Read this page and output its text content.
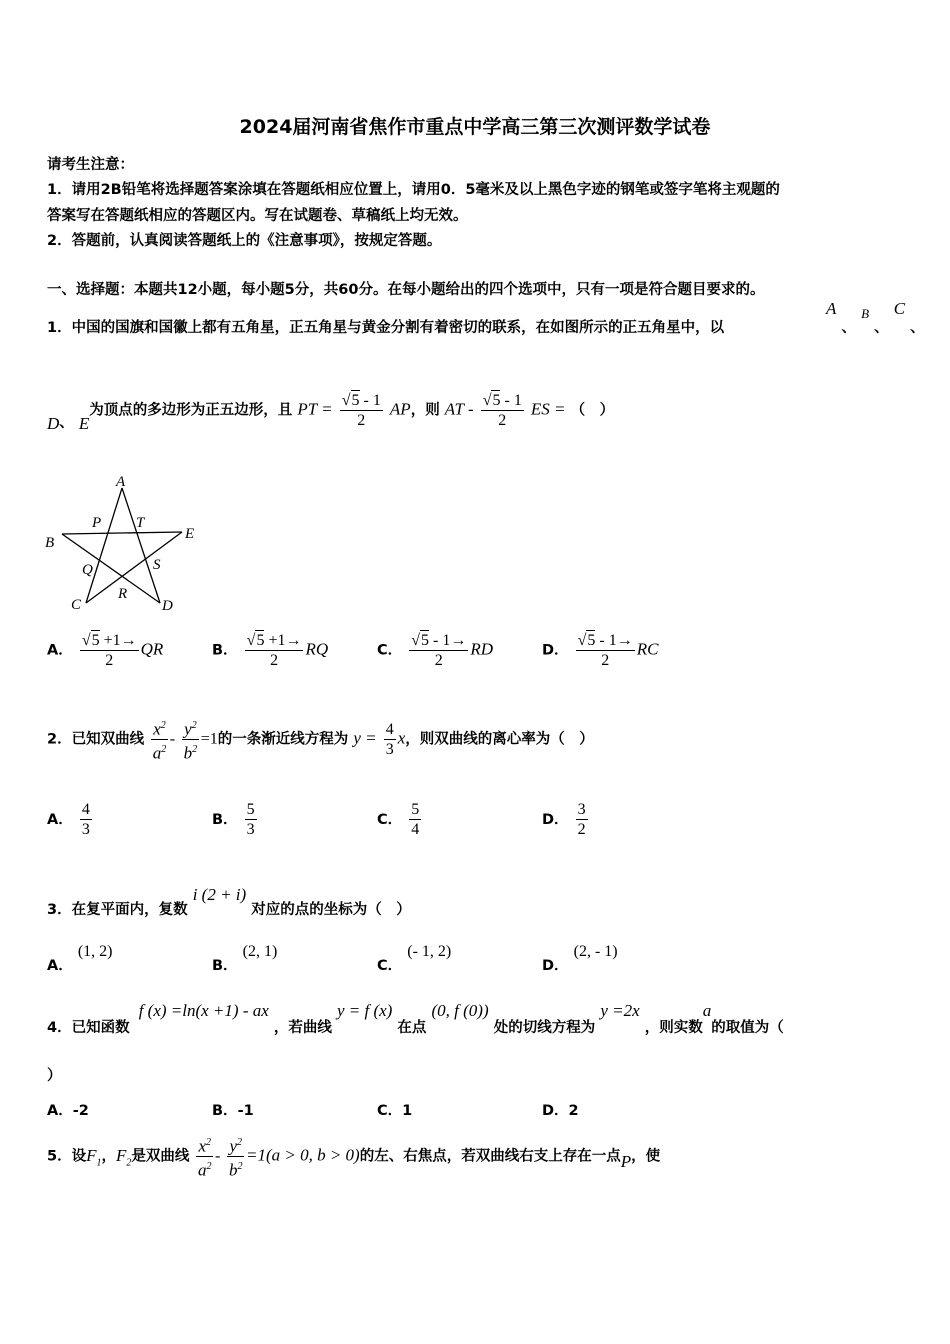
2024届河南省焦作市重点中学高三第三次测评数学试卷
请考生注意：
1．请用2B铅笔将选择题答案涂填在答题纸相应位置上，请用0．5毫米及以上黑色字迹的钢笔或签字笔将主观题的
答案写在答题纸相应的答题区内。写在试题卷、草稿纸上均无效。
2．答题前，认真阅读答题纸上的《注意事项》，按规定答题。
一、选择题：本题共12小题，每小题5分，共60分。在每小题给出的四个选项中，只有一项是符合题目要求的。
1．中国的国旗和国徽上都有五角星，正五角星与黄金分割有着密切的联系，在如图所示的正五角星中，以
A 、 $_B$ 、 C 、
D、 E为顶点的多边形为正五边形，且 PT = $\frac{√5 - 1}{2}$ AP，则 AT - $\frac{√5 - 1}{2}$ ES = （　）
A
P T
E
B
Q	S
R
C	D
A． $\frac{√5 +1\to}{2}$ QR	B． $\frac{√5 +1\to}{2}$ RQ	C． $\frac{√5 - 1\to}{2}$ RD	D． $\frac{√5 - 1\to}{2}$ RC
2．已知双曲线 $\frac{x^2}{a^2} - \frac{y^2}{b^2} =1$的一条渐近线方程为 $y = \frac{4}{3}$ x，则双曲线的离心率为（　）
A． $\frac{4}{3}$	B． $\frac{5}{3}$	C． $\frac{5}{4}$	D． $\frac{3}{2}$
3．在复平面内，复数 i (2 + i) 对应的点的坐标为（　）
A． (1, 2)
B． (2, 1)
C． (- 1, 2)
D． (2, - 1)
4．已知函数 f (x) =ln(x +1) - ax ，若曲线 y = f (x) 在点 (0, f (0)) 处的切线方程为 y =2x ，则实数a的取值为（
）
A．-2	B．-1	C．1	D．2
5．设$F_1$，$F_2$是双曲线 $\frac{x^2}{a^2} - \frac{y^2}{b^2} =1(a > 0$, b > 0)的左、右焦点，若双曲线右支上存在一点P，使
